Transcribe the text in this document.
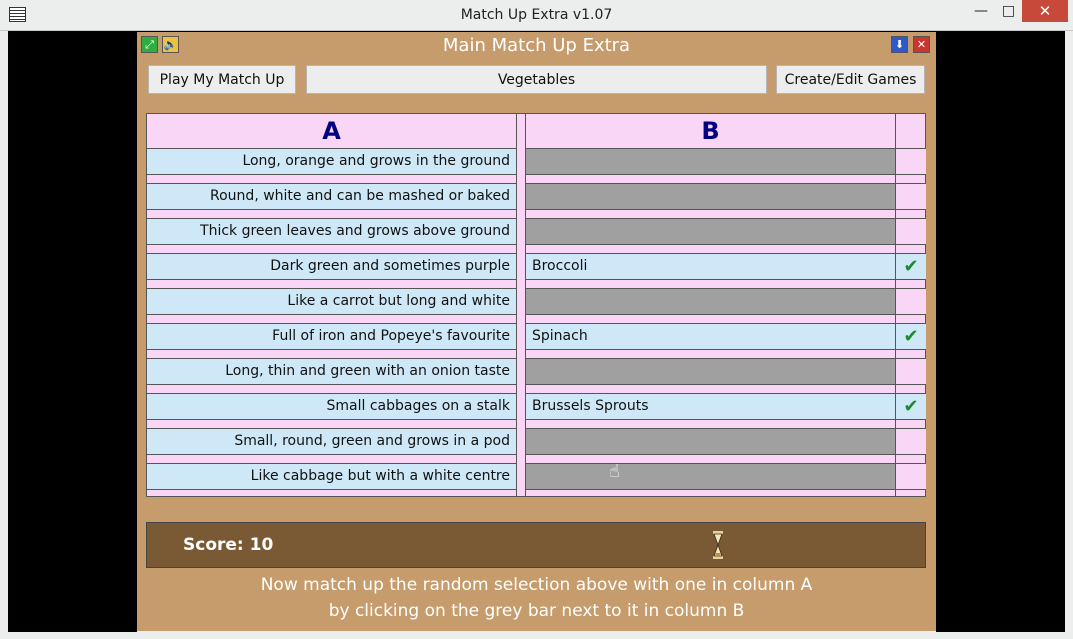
Match Up Extra v1.07	— □	✕
⤢ 🔈	Main Match Up Extra	⬇	✕
Play My Match Up	Vegetables	Create/Edit Games
A	B
Long, orange and grows in the ground
Round, white and can be mashed or baked
Thick green leaves and grows above ground
Dark green and sometimes purple	Broccoli	✔
Like a carrot but long and white
Full of iron and Popeye's favourite	Spinach	✔
Long, thin and green with an onion taste
Small cabbages on a stalk	Brussels Sprouts	✔
Small, round, green and grows in a pod
Like cabbage but with a white centre
Score: 10
Now match up the random selection above with one in column A
by clicking on the grey bar next to it in column B
☝
